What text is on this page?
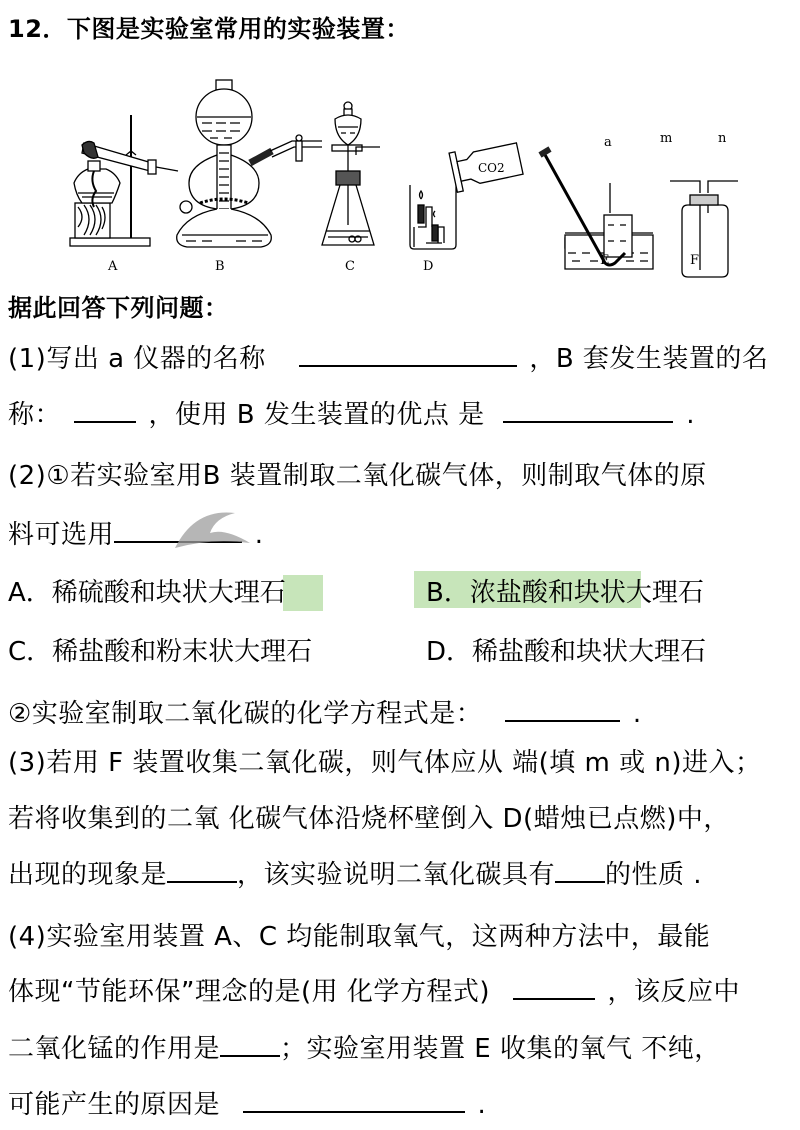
12．下图是实验室常用的实验装置：
A	B	C	D	E	F
CO2
a	m	n
据此回答下列问题：
(1)写出 a 仪器的名称	，B 套发生装置的名
称：	，使用 B 发生装置的优点 是	.
(2)①若实验室用B 装置制取二氧化碳气体，则制取气体的原
料可选用	.
A．稀硫酸和块状大理石	B．浓盐酸和块状大理石
C．稀盐酸和粉末状大理石	D．稀盐酸和块状大理石
②实验室制取二氧化碳的化学方程式是：	.
(3)若用 F 装置收集二氧化碳，则气体应从 端(填 m 或 n)进入；
若将收集到的二氧 化碳气体沿烧杯壁倒入 D(蜡烛已点燃)中，
出现的现象是	，该实验说明二氧化碳具有 的性质 .
(4)实验室用装置 A、C 均能制取氧气，这两种方法中，最能
体现“节能环保”理念的是(用 化学方程式)	，该反应中
二氧化锰的作用是 ；实验室用装置 E 收集的氧气 不纯，
可能产生的原因是	.
